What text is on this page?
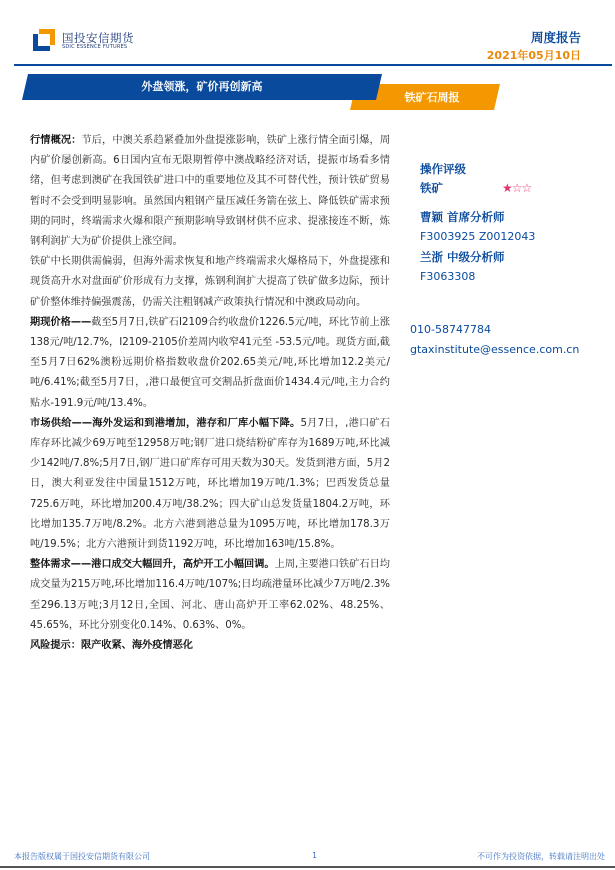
国投安信期货
SDIC ESSENCE FUTURES
周度报告
2021年05月10日
铁矿石周报
外盘领涨，矿价再创新高

行情概况：节后，中澳关系趋紧叠加外盘提涨影响，铁矿上涨行情全面引爆，周内矿价屡创新高。6日国内宣布无限期暂停中澳战略经济对话，提振市场看多情绪，但考虑到澳矿在我国铁矿进口中的重要地位及其不可替代性，预计铁矿贸易暂时不会受到明显影响。虽然国内粗钢产量压减任务箭在弦上、降低铁矿需求预期的同时，终端需求火爆和限产预期影响导致钢材供不应求、提涨接连不断，炼钢利润扩大为矿价提供上涨空间。

铁矿中长期供需偏弱，但海外需求恢复和地产终端需求火爆格局下，外盘提涨和现货高升水对盘面矿价形成有力支撑，炼钢利润扩大提高了铁矿做多边际，预计矿价整体维持偏强震荡，仍需关注粗钢减产政策执行情况和中澳政局动向。

期现价格——截至5月7日,铁矿石I2109合约收盘价1226.5元/吨，环比节前上涨138元/吨/12.7%，I2109-2105价差周内收窄41元至 -53.5元/吨。现货方面,截至5月7日62%澳粉远期价格指数收盘价202.65美元/吨,环比增加12.2美元/吨/6.41%;截至5月7日，,港口最便宜可交割品折盘面价1434.4元/吨,主力合约贴水-191.9元/吨/13.4%。

市场供给——海外发运和到港增加，港存和厂库小幅下降。5月7日，,港口矿石库存环比减少69万吨至12958万吨;钢厂进口烧结粉矿库存为1689万吨,环比减少142吨/7.8%;5月7日,钢厂进口矿库存可用天数为30天。发货到港方面，5月2日，澳大利亚发往中国量1512万吨，环比增加19万吨/1.3%；巴西发货总量725.6万吨，环比增加200.4万吨/38.2%；四大矿山总发货量1804.2万吨，环比增加135.7万吨/8.2%。北方六港到港总量为1095万吨，环比增加178.3万吨/19.5%；北方六港预计到货1192万吨，环比增加163吨/15.8%。

整体需求——港口成交大幅回升，高炉开工小幅回调。上周,主要港口铁矿石日均成交量为215万吨,环比增加116.4万吨/107%;日均疏港量环比减少7万吨/2.3%至296.13万吨;3月12日,全国、河北、唐山高炉开工率62.02%、48.25%、45.65%，环比分别变化0.14%、0.63%、0%。

风险提示：限产收紧、海外疫情恶化

操作评级
铁矿	★☆☆
曹颖 首席分析师
F3003925 Z0012043
兰浙 中级分析师
F3063308
010-58747784
gtaxinstitute@essence.com.cn
本报告版权属于国投安信期货有限公司	1	不可作为投资依据，转载请注明出处
